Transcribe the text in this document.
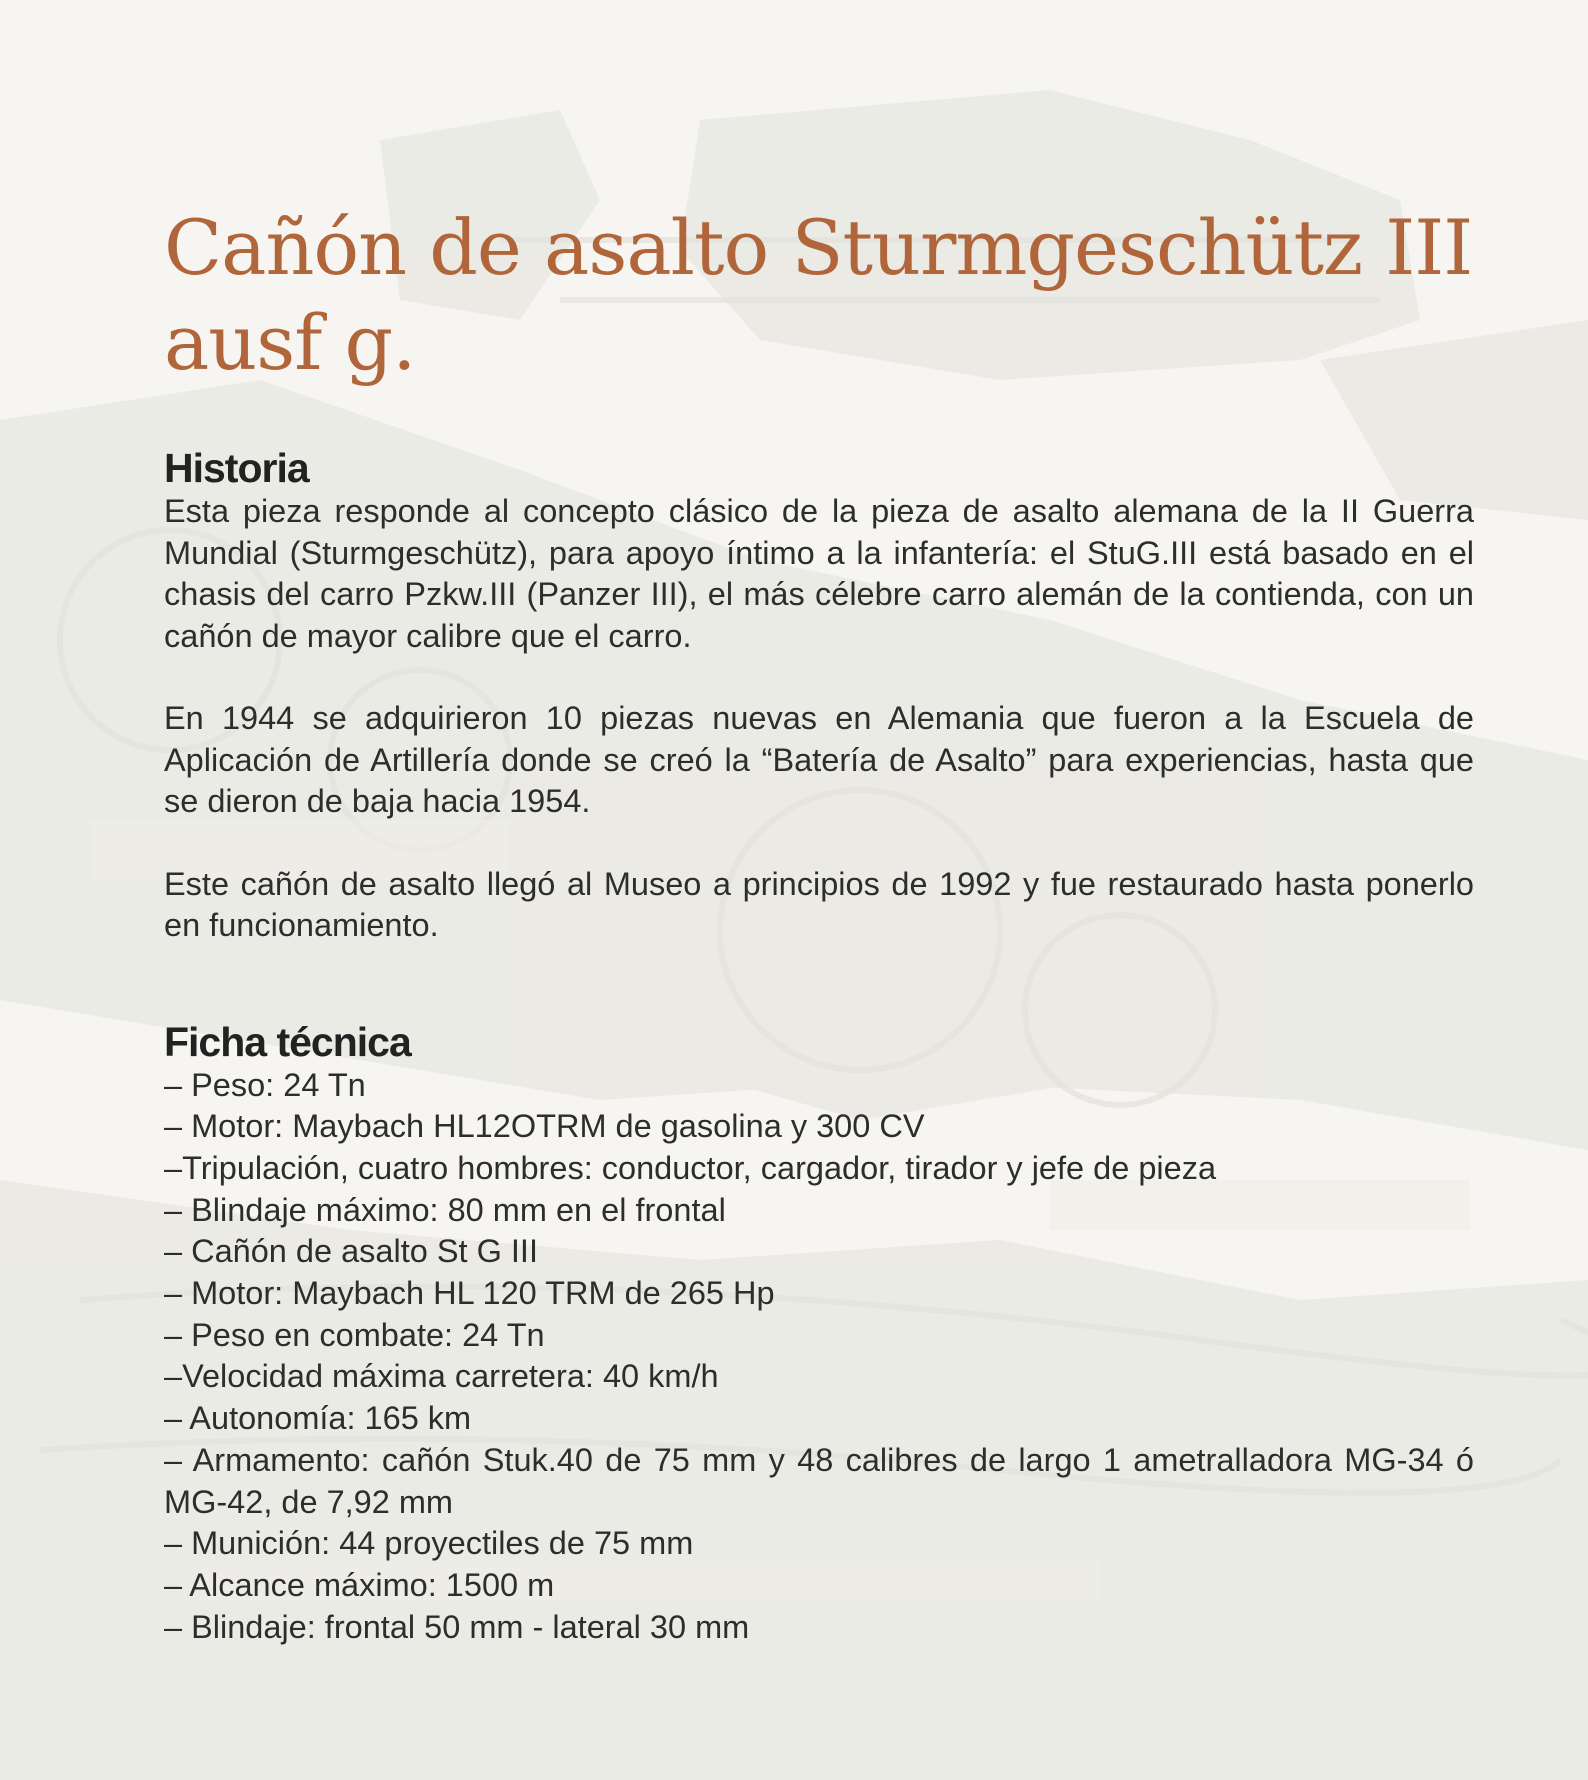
Cañón de asalto Sturmgeschütz III
ausf g.
Historia

Esta pieza responde al concepto clásico de la pieza de asalto alemana de la II Guerra Mundial (Sturmgeschütz), para apoyo íntimo a la infantería: el StuG.III está basado en el chasis del carro Pzkw.III (Panzer III), el más célebre carro alemán de la contienda, con un cañón de mayor calibre que el carro.

En 1944 se adquirieron 10 piezas nuevas en Alemania que fueron a la Escuela de Aplicación de Artillería donde se creó la “Batería de Asalto” para experiencias, hasta que se dieron de baja hacia 1954.

Este cañón de asalto llegó al Museo a principios de 1992 y fue restaurado hasta ponerlo en funcionamiento.

Ficha técnica
– Peso: 24 Tn
– Motor: Maybach HL12OTRM de gasolina y 300 CV
–Tripulación, cuatro hombres: conductor, cargador, tirador y jefe de pieza
– Blindaje máximo: 80 mm en el frontal
– Cañón de asalto St G III
– Motor: Maybach HL 120 TRM de 265 Hp
– Peso en combate: 24 Tn
–Velocidad máxima carretera: 40 km/h
– Autonomía: 165 km
– Armamento: cañón Stuk.40 de 75 mm y 48 calibres de largo 1 ametralladora MG-34 ó MG-42, de 7,92 mm
– Munición: 44 proyectiles de 75 mm
– Alcance máximo: 1500 m
– Blindaje: frontal 50 mm - lateral 30 mm
